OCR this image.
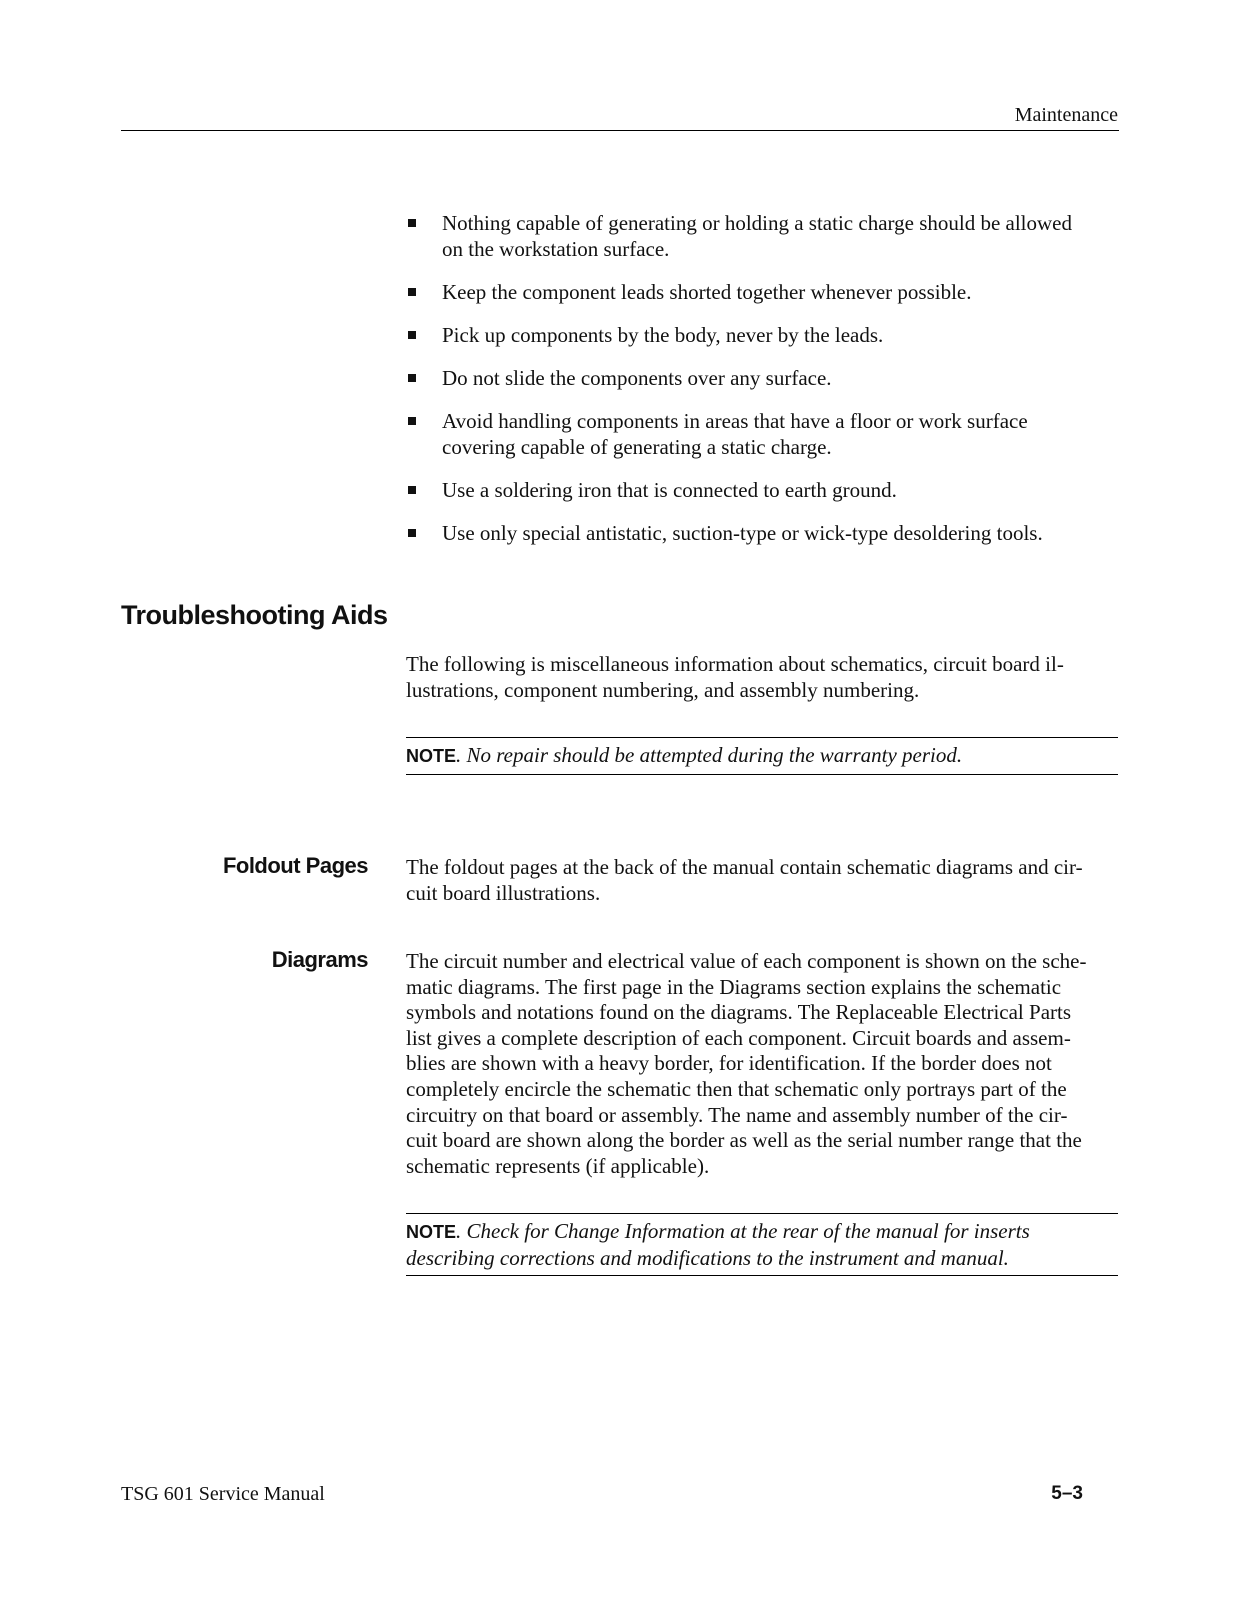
Maintenance
Nothing capable of generating or holding a static charge should be allowed
on the workstation surface.
Keep the component leads shorted together whenever possible.
Pick up components by the body, never by the leads.
Do not slide the components over any surface.
Avoid handling components in areas that have a floor or work surface
covering capable of generating a static charge.
Use a soldering iron that is connected to earth ground.
Use only special antistatic, suction-type or wick-type desoldering tools.
Troubleshooting Aids
The following is miscellaneous information about schematics, circuit board il-
lustrations, component numbering, and assembly numbering.
NOTE. No repair should be attempted during the warranty period.
Foldout Pages The foldout pages at the back of the manual contain schematic diagrams and cir-
cuit board illustrations.
Diagrams The circuit number and electrical value of each component is shown on the sche-
matic diagrams. The first page in the Diagrams section explains the schematic
symbols and notations found on the diagrams. The Replaceable Electrical Parts
list gives a complete description of each component. Circuit boards and assem-
blies are shown with a heavy border, for identification. If the border does not
completely encircle the schematic then that schematic only portrays part of the
circuitry on that board or assembly. The name and assembly number of the cir-
cuit board are shown along the border as well as the serial number range that the
schematic represents (if applicable).
NOTE. Check for Change Information at the rear of the manual for inserts
describing corrections and modifications to the instrument and manual.
TSG 601 Service Manual	5–3
